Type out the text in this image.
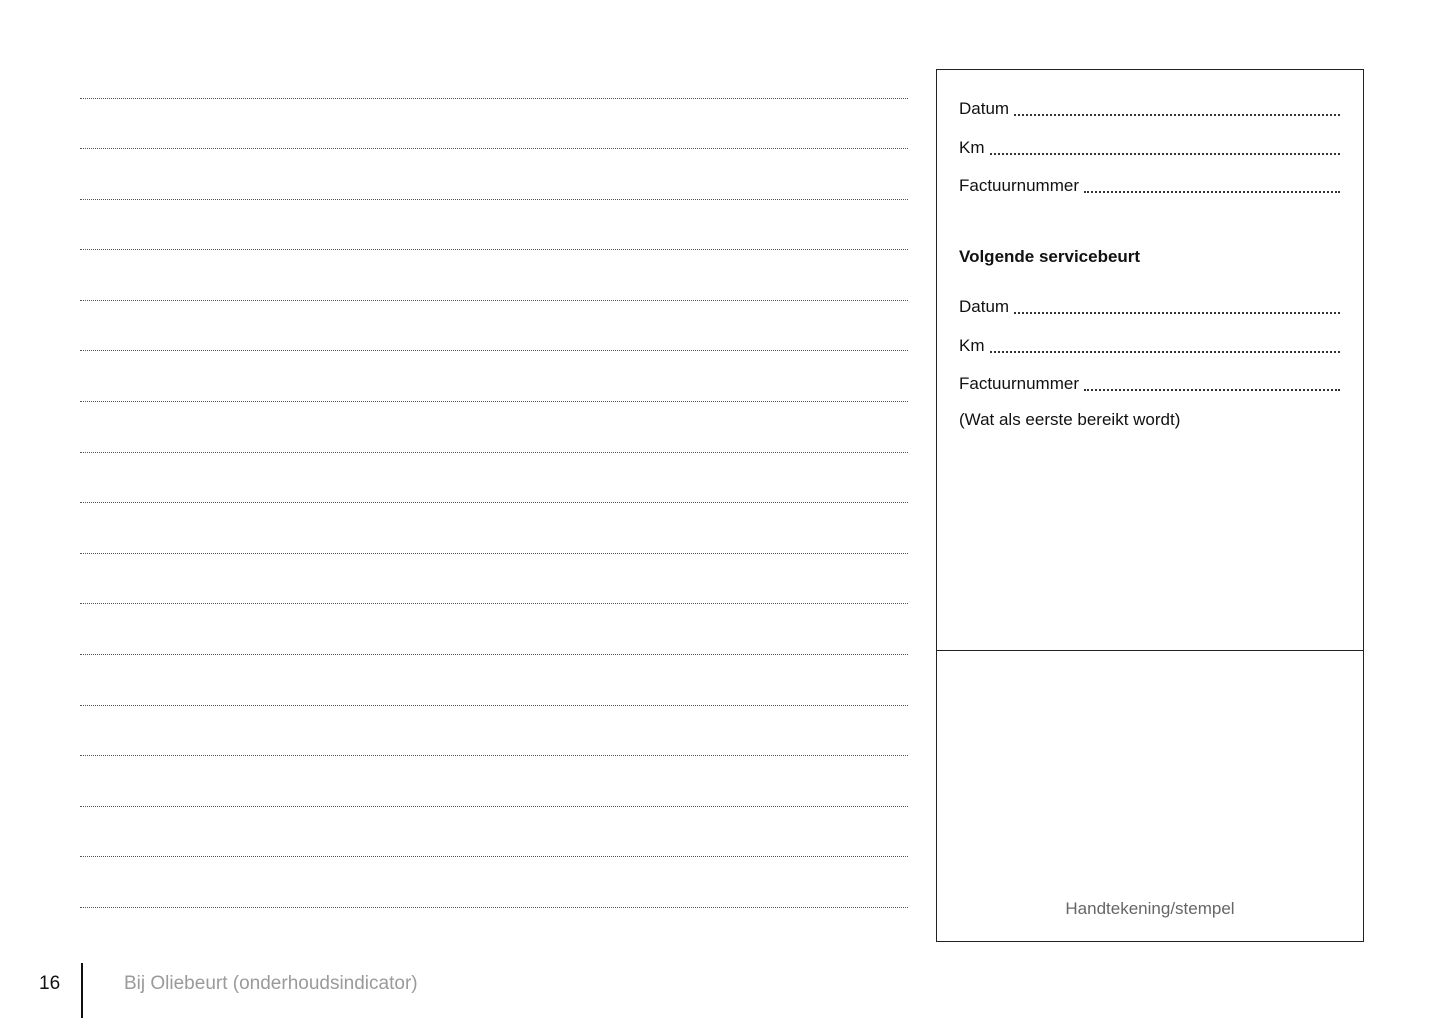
Datum
Km
Factuurnummer
Volgende servicebeurt
Datum
Km
Factuurnummer
(Wat als eerste bereikt wordt)
Handtekening/stempel
16	Bij Oliebeurt (onderhoudsindicator)
